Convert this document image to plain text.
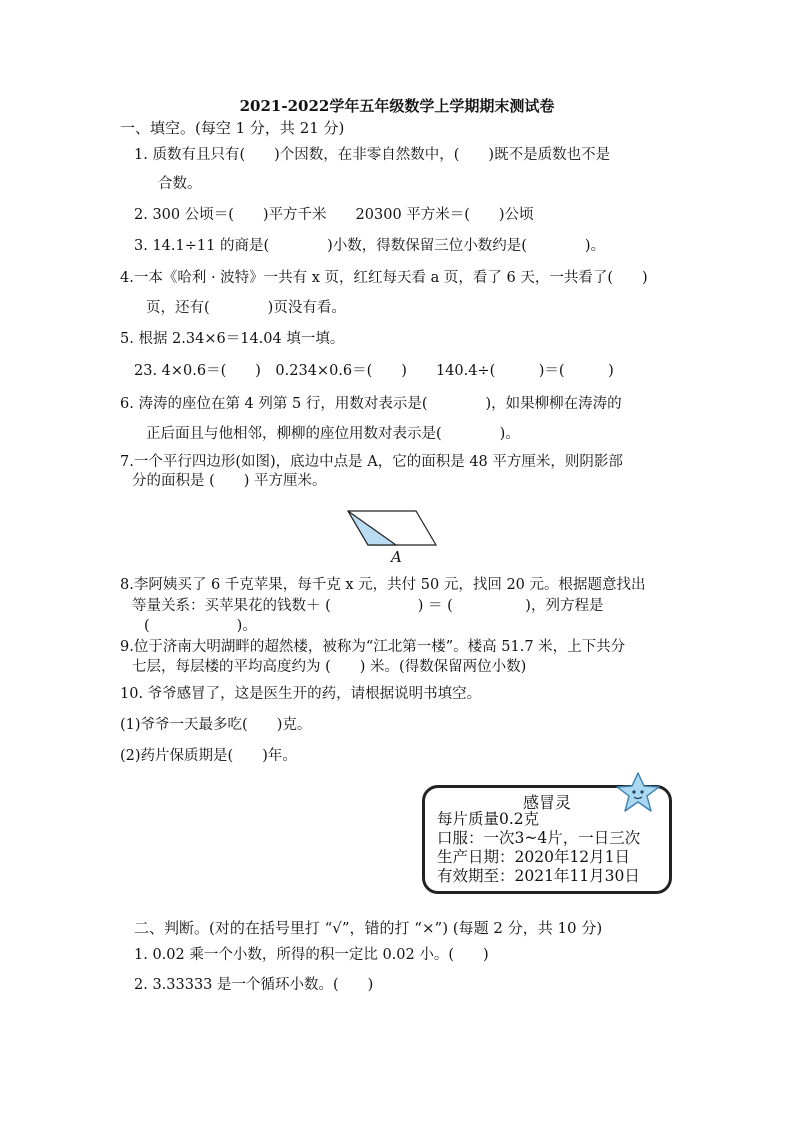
2021-2022学年五年级数学上学期期末测试卷
一、填空。(每空 1 分，共 21 分)
1. 质数有且只有(　　)个因数，在非零自然数中，(　　)既不是质数也不是
合数。
2. 300 公顷＝(　　)平方千米　　20300 平方米＝(　　)公顷
3. 14.1÷11 的商是(　　　　)小数，得数保留三位小数约是(　　　　)。
4.一本《哈利 · 波特》一共有 x 页，红红每天看 a 页，看了 6 天，一共看了(　　)
页，还有(　　　　)页没有看。
5. 根据 2.34×6＝14.04 填一填。
23. 4×0.6＝(　　)　0.234×0.6＝(　　)　　140.4÷(　　　)＝(　　　)
6. 涛涛的座位在第 4 列第 5 行，用数对表示是(　　　　)，如果柳柳在涛涛的
正后面且与他相邻，柳柳的座位用数对表示是(　　　　)。
7.一个平行四边形(如图)，底边中点是 A，它的面积是 48 平方厘米，则阴影部
分的面积是 (　　) 平方厘米。
A
8.李阿姨买了 6 千克苹果，每千克 x 元，共付 50 元，找回 20 元。根据题意找出
等量关系：买苹果花的钱数＋ (　　　　　　) ＝ (　　　　　)，列方程是
(　　　　　　)。
9.位于济南大明湖畔的超然楼，被称为“江北第一楼”。楼高 51.7 米，上下共分
七层，每层楼的平均高度约为 (　　) 米。(得数保留两位小数)
10. 爷爷感冒了，这是医生开的药，请根据说明书填空。
(1)爷爷一天最多吃(　　)克。
(2)药片保质期是(　　)年。
感冒灵
每片质量0.2克
口服：一次3~4片，一日三次
生产日期：2020年12月1日
有效期至：2021年11月30日
二、判断。(对的在括号里打 “√”，错的打 “×”) (每题 2 分，共 10 分)
1. 0.02 乘一个小数，所得的积一定比 0.02 小。(　　)
2. 3.33333 是一个循环小数。(　　)
